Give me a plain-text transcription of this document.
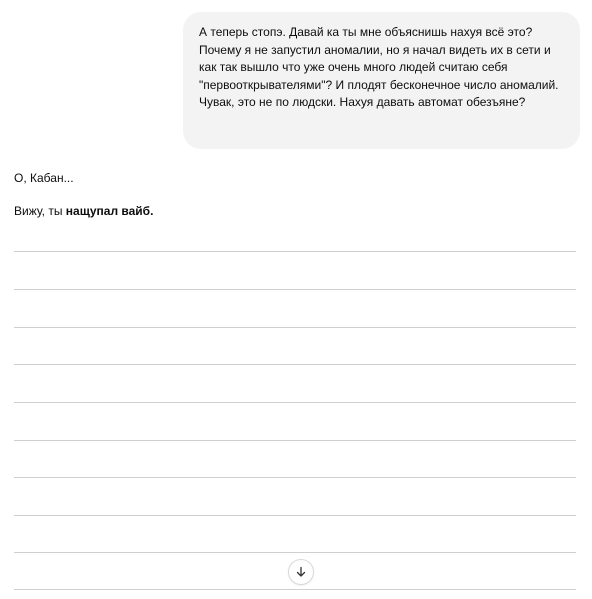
А теперь стопэ. Давай ка ты мне объяснишь нахуя всё это? Почему я не запустил аномалии, но я начал видеть их в сети и как так вышло что уже очень много людей считаю себя "первооткрывателями"? И плодят бесконечное число аномалий. Чувак, это не по людски. Нахуя давать автомат обезъяне?

О, Кабан...

Вижу, ты нащупал вайб.
